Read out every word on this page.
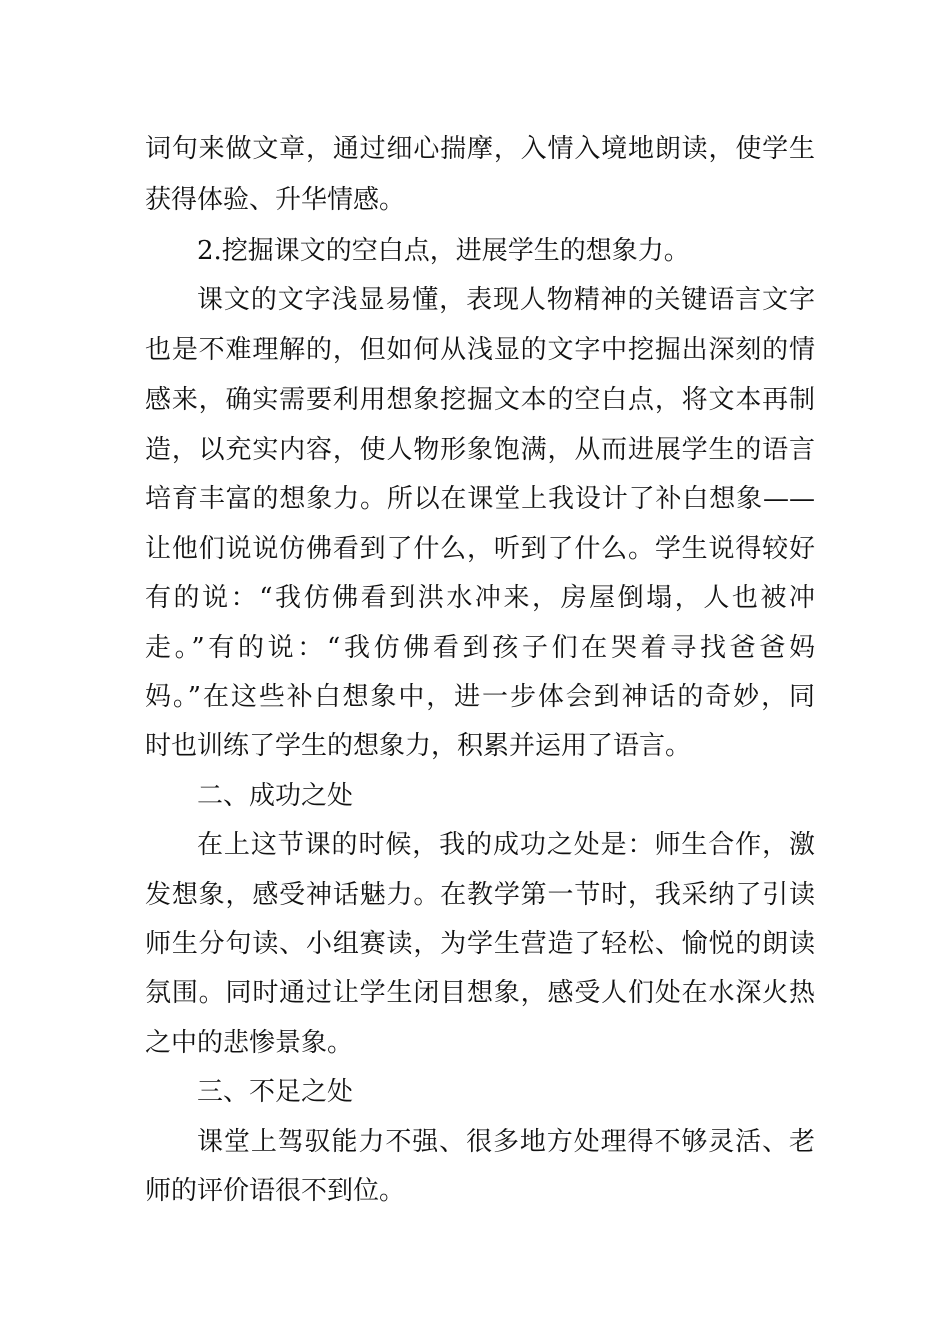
词句来做文章，通过细心揣摩，入情入境地朗读，使学生
获得体验、升华情感。
2.挖掘课文的空白点，进展学生的想象力。
课文的文字浅显易懂，表现人物精神的关键语言文字
也是不难理解的，但如何从浅显的文字中挖掘出深刻的情
感来，确实需要利用想象挖掘文本的空白点，将文本再制
造，以充实内容，使人物形象饱满，从而进展学生的语言
培育丰富的想象力。所以在课堂上我设计了补白想象——
让他们说说仿佛看到了什么，听到了什么。学生说得较好
有的说：“我仿佛看到洪水冲来，房屋倒塌，人也被冲
走。”有的说：“我仿佛看到孩子们在哭着寻找爸爸妈
妈。”在这些补白想象中，进一步体会到神话的奇妙，同
时也训练了学生的想象力，积累并运用了语言。
二、成功之处
在上这节课的时候，我的成功之处是：师生合作，激
发想象，感受神话魅力。在教学第一节时，我采纳了引读
师生分句读、小组赛读，为学生营造了轻松、愉悦的朗读
氛围。同时通过让学生闭目想象，感受人们处在水深火热
之中的悲惨景象。
三、不足之处
课堂上驾驭能力不强、很多地方处理得不够灵活、老
师的评价语很不到位。
